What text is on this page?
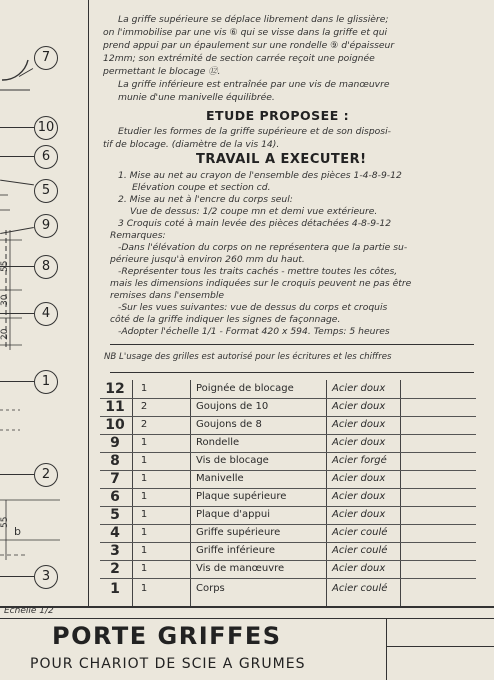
7
10
6
5
9
8
4
1
2
3
55
30
20
55
b
La griffe supérieure se déplace librement dans le glissière;
on l'immobilise par une vis ⑥ qui se visse dans la griffe et qui
prend appui par un épaulement sur une rondelle ⑨ d'épaisseur
12mm; son extrémité de section carrée reçoit une poignée
permettant le blocage ⑫.
La griffe inférieure est entraînée par une vis de manœuvre
munie d'une manivelle équilibrée.
ETUDE PROPOSEE :
Etudier les formes de la griffe supérieure et de son disposi-
tif de blocage. (diamètre de la vis 14).
TRAVAIL A EXECUTER!
1. Mise au net au crayon de l'ensemble des pièces 1-4-8-9-12
Elévation coupe et section cd.
2. Mise au net à l'encre du corps seul:
Vue de dessus: 1/2 coupe mn et demi vue extérieure.
3 Croquis coté à main levée des pièces détachées 4-8-9-12
Remarques:
-Dans l'élévation du corps on ne représentera que la partie su-
périeure jusqu'à environ 260 mm du haut.
-Représenter tous les traits cachés - mettre toutes les côtes,
mais les dimensions indiquées sur le croquis peuvent ne pas être
remises dans l'ensemble
-Sur les vues suivantes: vue de dessus du corps et croquis
côté de la griffe indiquer les signes de façonnage.
-Adopter l'échelle 1/1 - Format 420 x 594. Temps: 5 heures
NB L'usage des grilles est autorisé pour les écritures et les chiffres
12	1	Poignée de blocage	Acier doux
11	2	Goujons de 10	Acier doux
10	2	Goujons de 8	Acier doux
9	1	Rondelle	Acier doux
8	1	Vis de blocage	Acier forgé
7	1	Manivelle	Acier doux
6	1	Plaque supérieure	Acier doux
5	1	Plaque d'appui	Acier doux
4	1	Griffe supérieure	Acier coulé
3	1	Griffe inférieure	Acier coulé
2	1	Vis de manœuvre	Acier doux
1	1	Corps	Acier coulé
Echelle 1/2
PORTE GRIFFES
POUR CHARIOT DE SCIE A GRUMES
